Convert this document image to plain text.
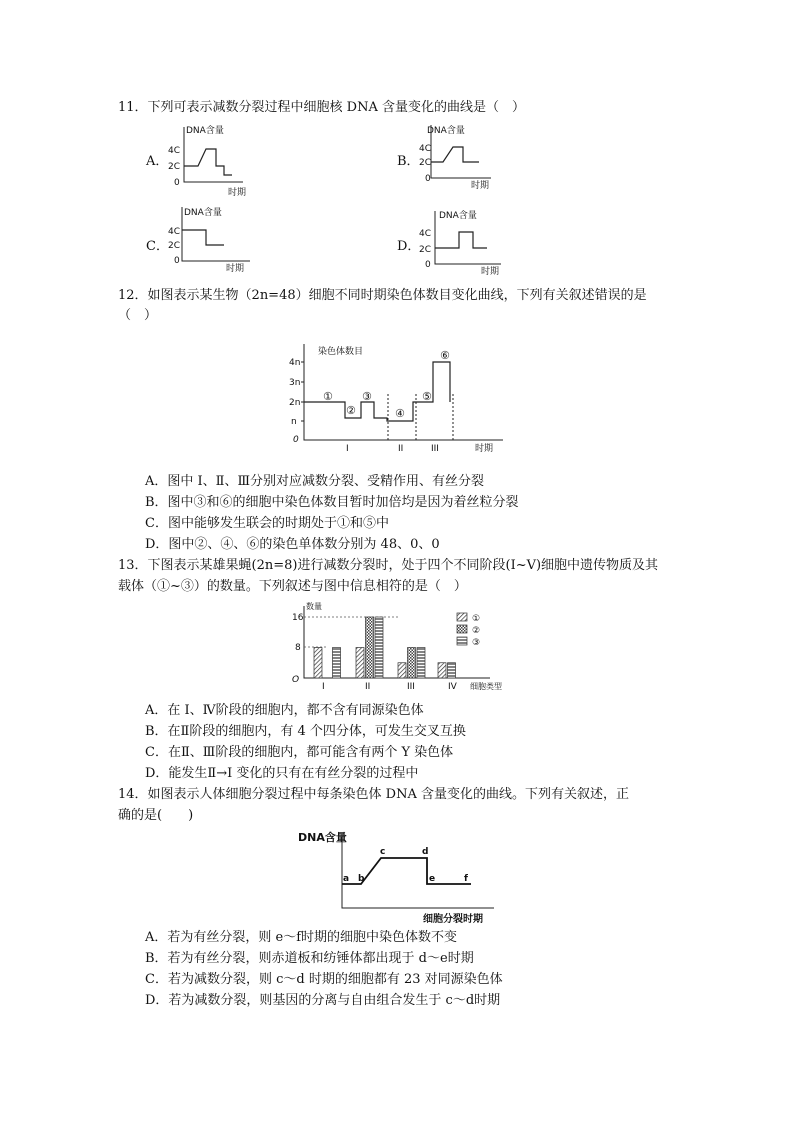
11．下列可表示减数分裂过程中细胞核 DNA 含量变化的曲线是（　）
A．
DNA含量
4C
2C
0
时期
B．
DNA含量
4C
2C
0
时期
C．
DNA含量
4C
2C
0
时期
D．
DNA含量
4C
2C
0
时期
12．如图表示某生物（2n=48）细胞不同时期染色体数目变化曲线，下列有关叙述错误的是
（　）
染色体数目
4n
3n
2n
n
0
①
②
③
④
⑤
⑥
I	II	III	时期
A．图中 Ⅰ、Ⅱ、Ⅲ分别对应减数分裂、受精作用、有丝分裂
B．图中③和⑥的细胞中染色体数目暂时加倍均是因为着丝粒分裂
C．图中能够发生联会的时期处于①和⑤中
D．图中②、④、⑥的染色单体数分别为 48、0、0
13．下图表示某雄果蝇(2n=8)进行减数分裂时，处于四个不同阶段(I~Ⅴ)细胞中遗传物质及其
载体（①~③）的数量。下列叙述与图中信息相符的是（　）
数量
16
8
O
I	II	III	IV 细胞类型
①
②
③
A．在 I、Ⅳ阶段的细胞内，都不含有同源染色体
B．在Ⅱ阶段的细胞内，有 4 个四分体，可发生交叉互换
C．在Ⅱ、Ⅲ阶段的细胞内，都可能含有两个 Y 染色体
D．能发生Ⅱ→I 变化的只有在有丝分裂的过程中
14．如图表示人体细胞分裂过程中每条染色体 DNA 含量变化的曲线。下列有关叙述，正
确的是(　　)
DNA含量
a b
c	d
e	f
细胞分裂时期
A．若为有丝分裂，则 e～f时期的细胞中染色体数不变
B．若为有丝分裂，则赤道板和纺锤体都出现于 d～e时期
C．若为减数分裂，则 c～d 时期的细胞都有 23 对同源染色体
D．若为减数分裂，则基因的分离与自由组合发生于 c～d时期
